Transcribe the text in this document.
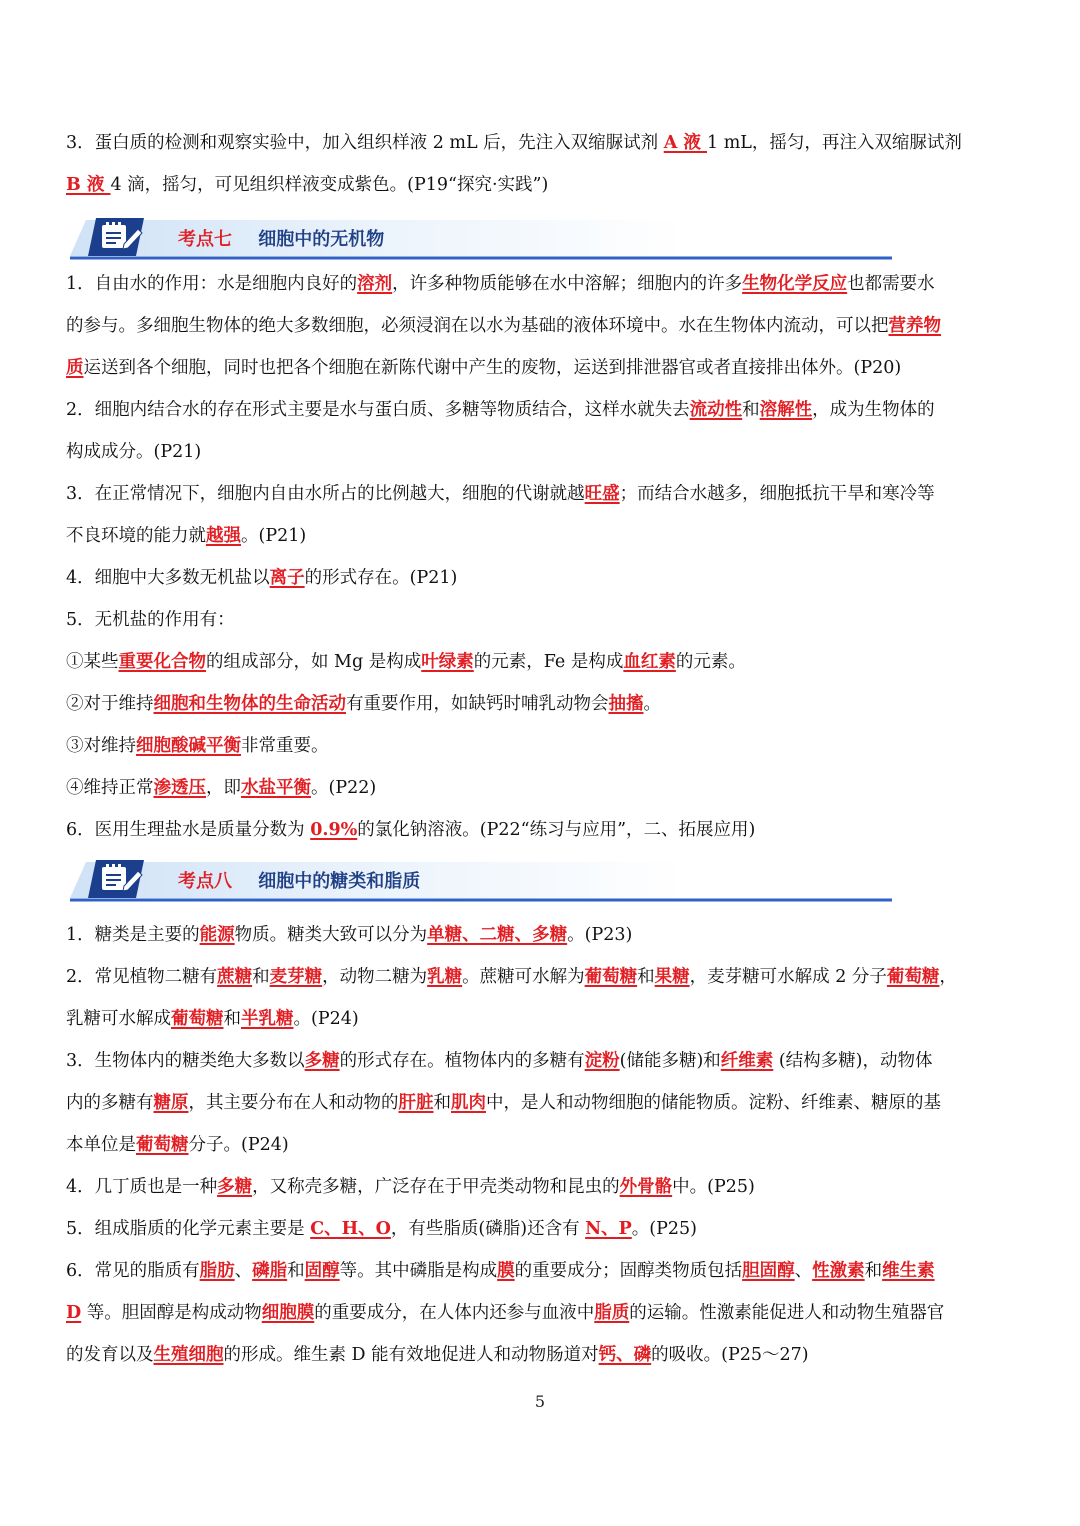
3．蛋白质的检测和观察实验中，加入组织样液 2 mL 后，先注入双缩脲试剂 A 液 1 mL，摇匀，再注入双缩脲试剂
B 液 4 滴，摇匀，可见组织样液变成紫色。(P19“探究·实践”)
考点七 细胞中的无机物
1．自由水的作用：水是细胞内良好的溶剂，许多种物质能够在水中溶解；细胞内的许多生物化学反应也都需要水
的参与。多细胞生物体的绝大多数细胞，必须浸润在以水为基础的液体环境中。水在生物体内流动，可以把营养物
质运送到各个细胞，同时也把各个细胞在新陈代谢中产生的废物，运送到排泄器官或者直接排出体外。(P20)
2．细胞内结合水的存在形式主要是水与蛋白质、多糖等物质结合，这样水就失去流动性和溶解性，成为生物体的
构成成分。(P21)
3．在正常情况下，细胞内自由水所占的比例越大，细胞的代谢就越旺盛；而结合水越多，细胞抵抗干旱和寒冷等
不良环境的能力就越强。(P21)
4．细胞中大多数无机盐以离子的形式存在。(P21)
5．无机盐的作用有：
①某些重要化合物的组成部分，如 Mg 是构成叶绿素的元素，Fe 是构成血红素的元素。
②对于维持细胞和生物体的生命活动有重要作用，如缺钙时哺乳动物会抽搐。
③对维持细胞酸碱平衡非常重要。
④维持正常渗透压，即水盐平衡。(P22)
6．医用生理盐水是质量分数为 0.9%的氯化钠溶液。(P22“练习与应用”，二、拓展应用)
考点八 细胞中的糖类和脂质
1．糖类是主要的能源物质。糖类大致可以分为单糖、二糖、多糖。(P23)
2．常见植物二糖有蔗糖和麦芽糖，动物二糖为乳糖。蔗糖可水解为葡萄糖和果糖，麦芽糖可水解成 2 分子葡萄糖，
乳糖可水解成葡萄糖和半乳糖。(P24)
3．生物体内的糖类绝大多数以多糖的形式存在。植物体内的多糖有淀粉(储能多糖)和纤维素 (结构多糖)，动物体
内的多糖有糖原，其主要分布在人和动物的肝脏和肌肉中，是人和动物细胞的储能物质。淀粉、纤维素、糖原的基
本单位是葡萄糖分子。(P24)
4．几丁质也是一种多糖，又称壳多糖，广泛存在于甲壳类动物和昆虫的外骨骼中。(P25)
5．组成脂质的化学元素主要是 C、H、O，有些脂质(磷脂)还含有 N、P。(P25)
6．常见的脂质有脂肪、磷脂和固醇等。其中磷脂是构成膜的重要成分；固醇类物质包括胆固醇、性激素和维生素
D 等。胆固醇是构成动物细胞膜的重要成分，在人体内还参与血液中脂质的运输。性激素能促进人和动物生殖器官
的发育以及生殖细胞的形成。维生素 D 能有效地促进人和动物肠道对钙、磷的吸收。(P25～27)
5
